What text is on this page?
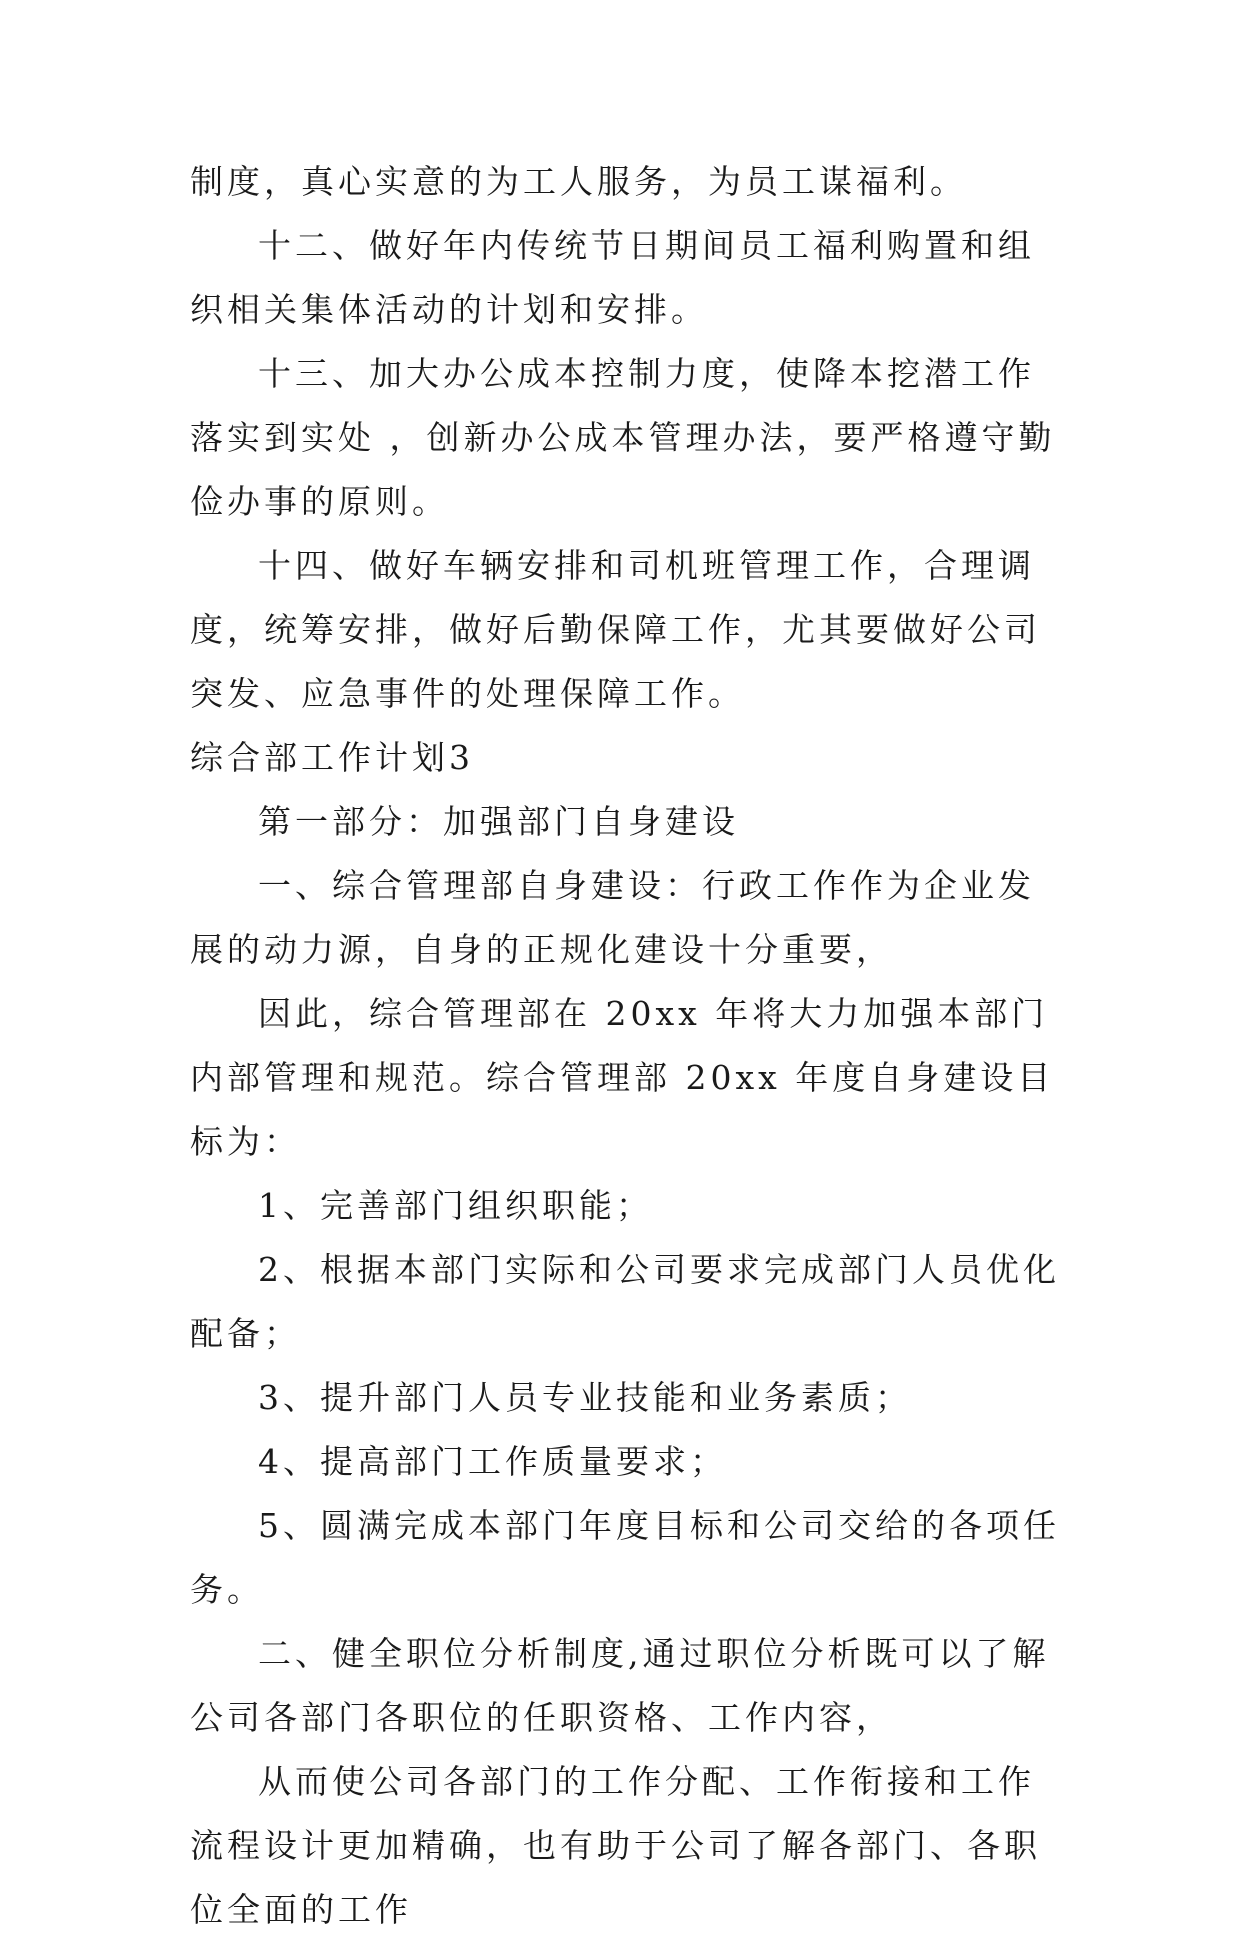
制度，真心实意的为工人服务，为员工谋福利。

十二、做好年内传统节日期间员工福利购置和组织相关集体活动的计划和安排。

十三、加大办公成本控制力度，使降本挖潜工作落实到实处 ，创新办公成本管理办法，要严格遵守勤俭办事的原则。

十四、做好车辆安排和司机班管理工作，合理调度，统筹安排，做好后勤保障工作，尤其要做好公司突发、应急事件的处理保障工作。

综合部工作计划3

第一部分：加强部门自身建设

一、综合管理部自身建设：行政工作作为企业发展的动力源，自身的正规化建设十分重要，

因此，综合管理部在 20xx 年将大力加强本部门内部管理和规范。综合管理部 20xx 年度自身建设目标为：

1、完善部门组织职能；

2、根据本部门实际和公司要求完成部门人员优化配备；

3、提升部门人员专业技能和业务素质；

4、提高部门工作质量要求；

5、圆满完成本部门年度目标和公司交给的各项任务。

二、健全职位分析制度,通过职位分析既可以了解公司各部门各职位的任职资格、工作内容，

从而使公司各部门的工作分配、工作衔接和工作流程设计更加精确，也有助于公司了解各部门、各职位全面的工作
